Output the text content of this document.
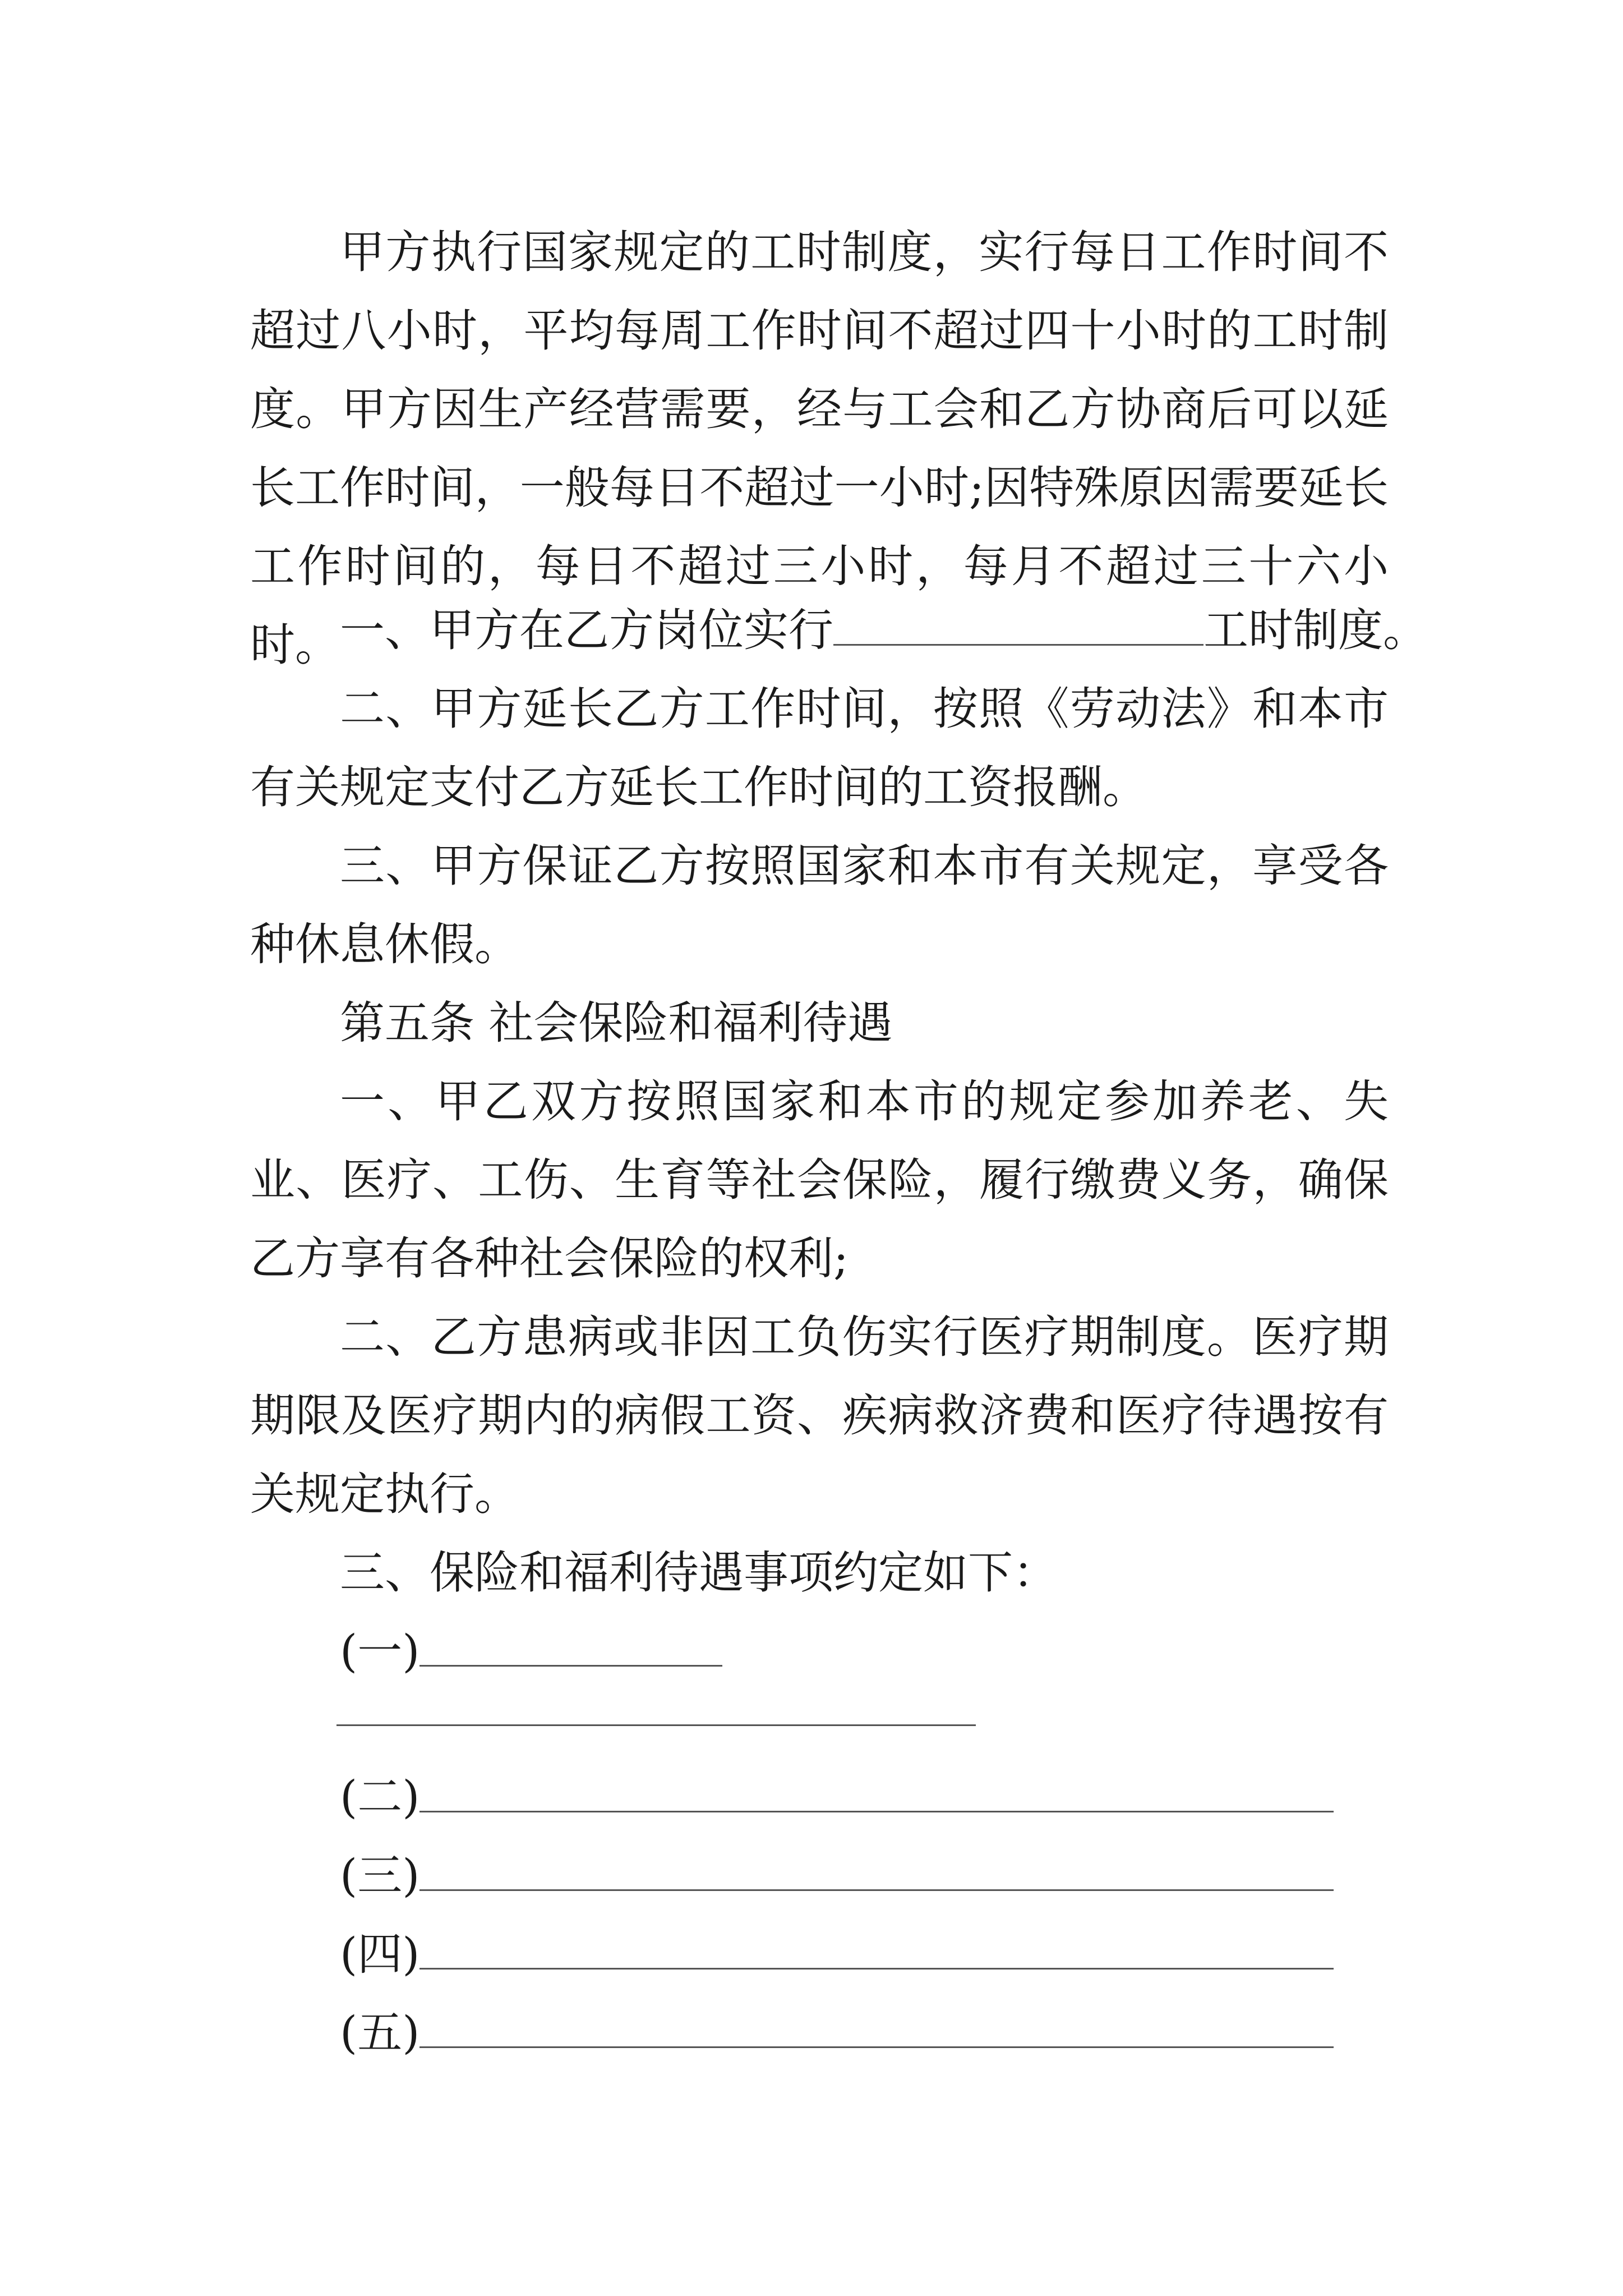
甲方执行国家规定的工时制度，实行每日工作时间不超过八小时，平均每周工作时间不超过四十小时的工时制度。甲方因生产经营需要，经与工会和乙方协商后可以延长工作时间，一般每日不超过一小时;因特殊原因需要延长工作时间的，每日不超过三小时，每月不超过三十六小时。 一、甲方在乙方岗位实行	工时制度。

二、甲方延长乙方工作时间，按照《劳动法》和本市有关规定支付乙方延长工作时间的工资报酬。

三、甲方保证乙方按照国家和本市有关规定，享受各种休息休假。

第五条 社会保险和福利待遇

一、甲乙双方按照国家和本市的规定参加养老、失业、医疗、工伤、生育等社会保险，履行缴费义务，确保乙方享有各种社会保险的权利;

二、乙方患病或非因工负伤实行医疗期制度。医疗期期限及医疗期内的病假工资、疾病救济费和医疗待遇按有关规定执行。

三、保险和福利待遇事项约定如下：
(一)
(二)
(三)
(四)
(五)
